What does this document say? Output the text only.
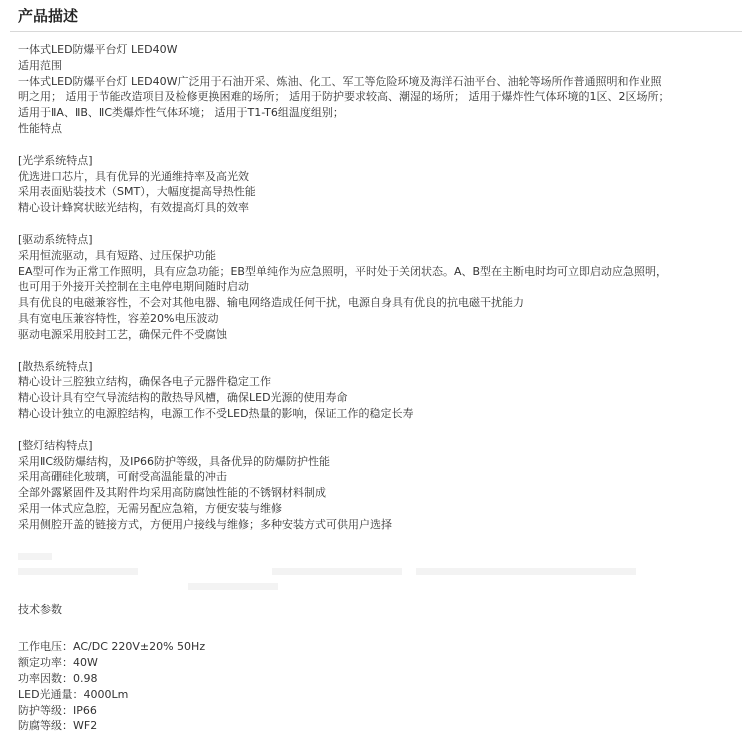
产品描述

一体式LED防爆平台灯 LED40W

适用范围

一体式LED防爆平台灯 LED40W广泛用于石油开采、炼油、化工、军工等危险环境及海洋石油平台、油轮等场所作普通照明和作业照

明之用； 适用于节能改造项目及检修更换困难的场所； 适用于防护要求较高、潮湿的场所； 适用于爆炸性气体环境的1区、2区场所；

适用于ⅡA、ⅡB、ⅡC类爆炸性气体环境； 适用于T1-T6组温度组别；

性能特点

[光学系统特点]

优选进口芯片，具有优异的光通维持率及高光效

采用表面贴装技术（SMT），大幅度提高导热性能

精心设计蜂窝状眩光结构，有效提高灯具的效率

[驱动系统特点]

采用恒流驱动，具有短路、过压保护功能

EA型可作为正常工作照明，具有应急功能；EB型单纯作为应急照明，平时处于关闭状态。A、B型在主断电时均可立即启动应急照明，

也可用于外接开关控制在主电停电期间随时启动

具有优良的电磁兼容性，不会对其他电器、输电网络造成任何干扰，电源自身具有优良的抗电磁干扰能力

具有宽电压兼容特性，容差20%电压波动

驱动电源采用胶封工艺，确保元件不受腐蚀

[散热系统特点]

精心设计三腔独立结构，确保各电子元器件稳定工作

精心设计具有空气导流结构的散热导风槽，确保LED光源的使用寿命

精心设计独立的电源腔结构，电源工作不受LED热量的影响，保证工作的稳定长寿

[整灯结构特点]

采用ⅡC级防爆结构，及IP66防护等级，具备优异的防爆防护性能

采用高硼硅化玻璃，可耐受高温能量的冲击

全部外露紧固件及其附件均采用高防腐蚀性能的不锈钢材料制成

采用一体式应急腔，无需另配应急箱，方便安装与维修

采用侧腔开盖的链接方式，方便用户接线与维修；多种安装方式可供用户选择

技术参数

工作电压：AC/DC 220V±20% 50Hz

额定功率：40W

功率因数：0.98

LED光通量：4000Lm

防护等级：IP66

防腐等级：WF2
